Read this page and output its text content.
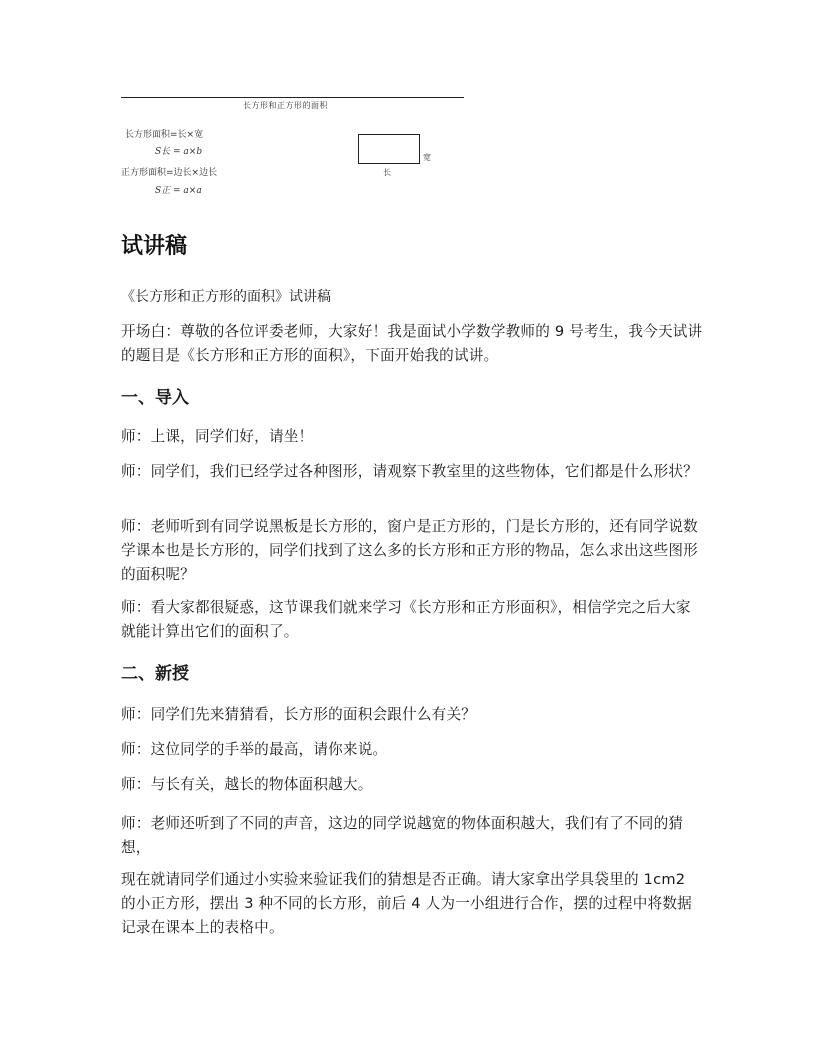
长方形和正方形的面积
长方形面积=长×宽
S长 = a×b
正方形面积=边长×边长
S正 = a×a
宽
长
试讲稿

《长方形和正方形的面积》试讲稿

开场白：尊敬的各位评委老师，大家好！我是面试小学数学教师的 9 号考生，我今天试讲的题目是《长方形和正方形的面积》，下面开始我的试讲。

一、导入

师：上课，同学们好，请坐！

师：同学们，我们已经学过各种图形，请观察下教室里的这些物体，它们都是什么形状？

师：老师听到有同学说黑板是长方形的，窗户是正方形的，门是长方形的，还有同学说数学课本也是长方形的，同学们找到了这么多的长方形和正方形的物品，怎么求出这些图形的面积呢？

师：看大家都很疑惑，这节课我们就来学习《长方形和正方形面积》，相信学完之后大家就能计算出它们的面积了。

二、新授

师：同学们先来猜猜看，长方形的面积会跟什么有关？

师：这位同学的手举的最高，请你来说。

师：与长有关，越长的物体面积越大。

师：老师还听到了不同的声音，这边的同学说越宽的物体面积越大，我们有了不同的猜想，

现在就请同学们通过小实验来验证我们的猜想是否正确。请大家拿出学具袋里的 1cm2 的小正方形，摆出 3 种不同的长方形，前后 4 人为一小组进行合作，摆的过程中将数据记录在课本上的表格中。
